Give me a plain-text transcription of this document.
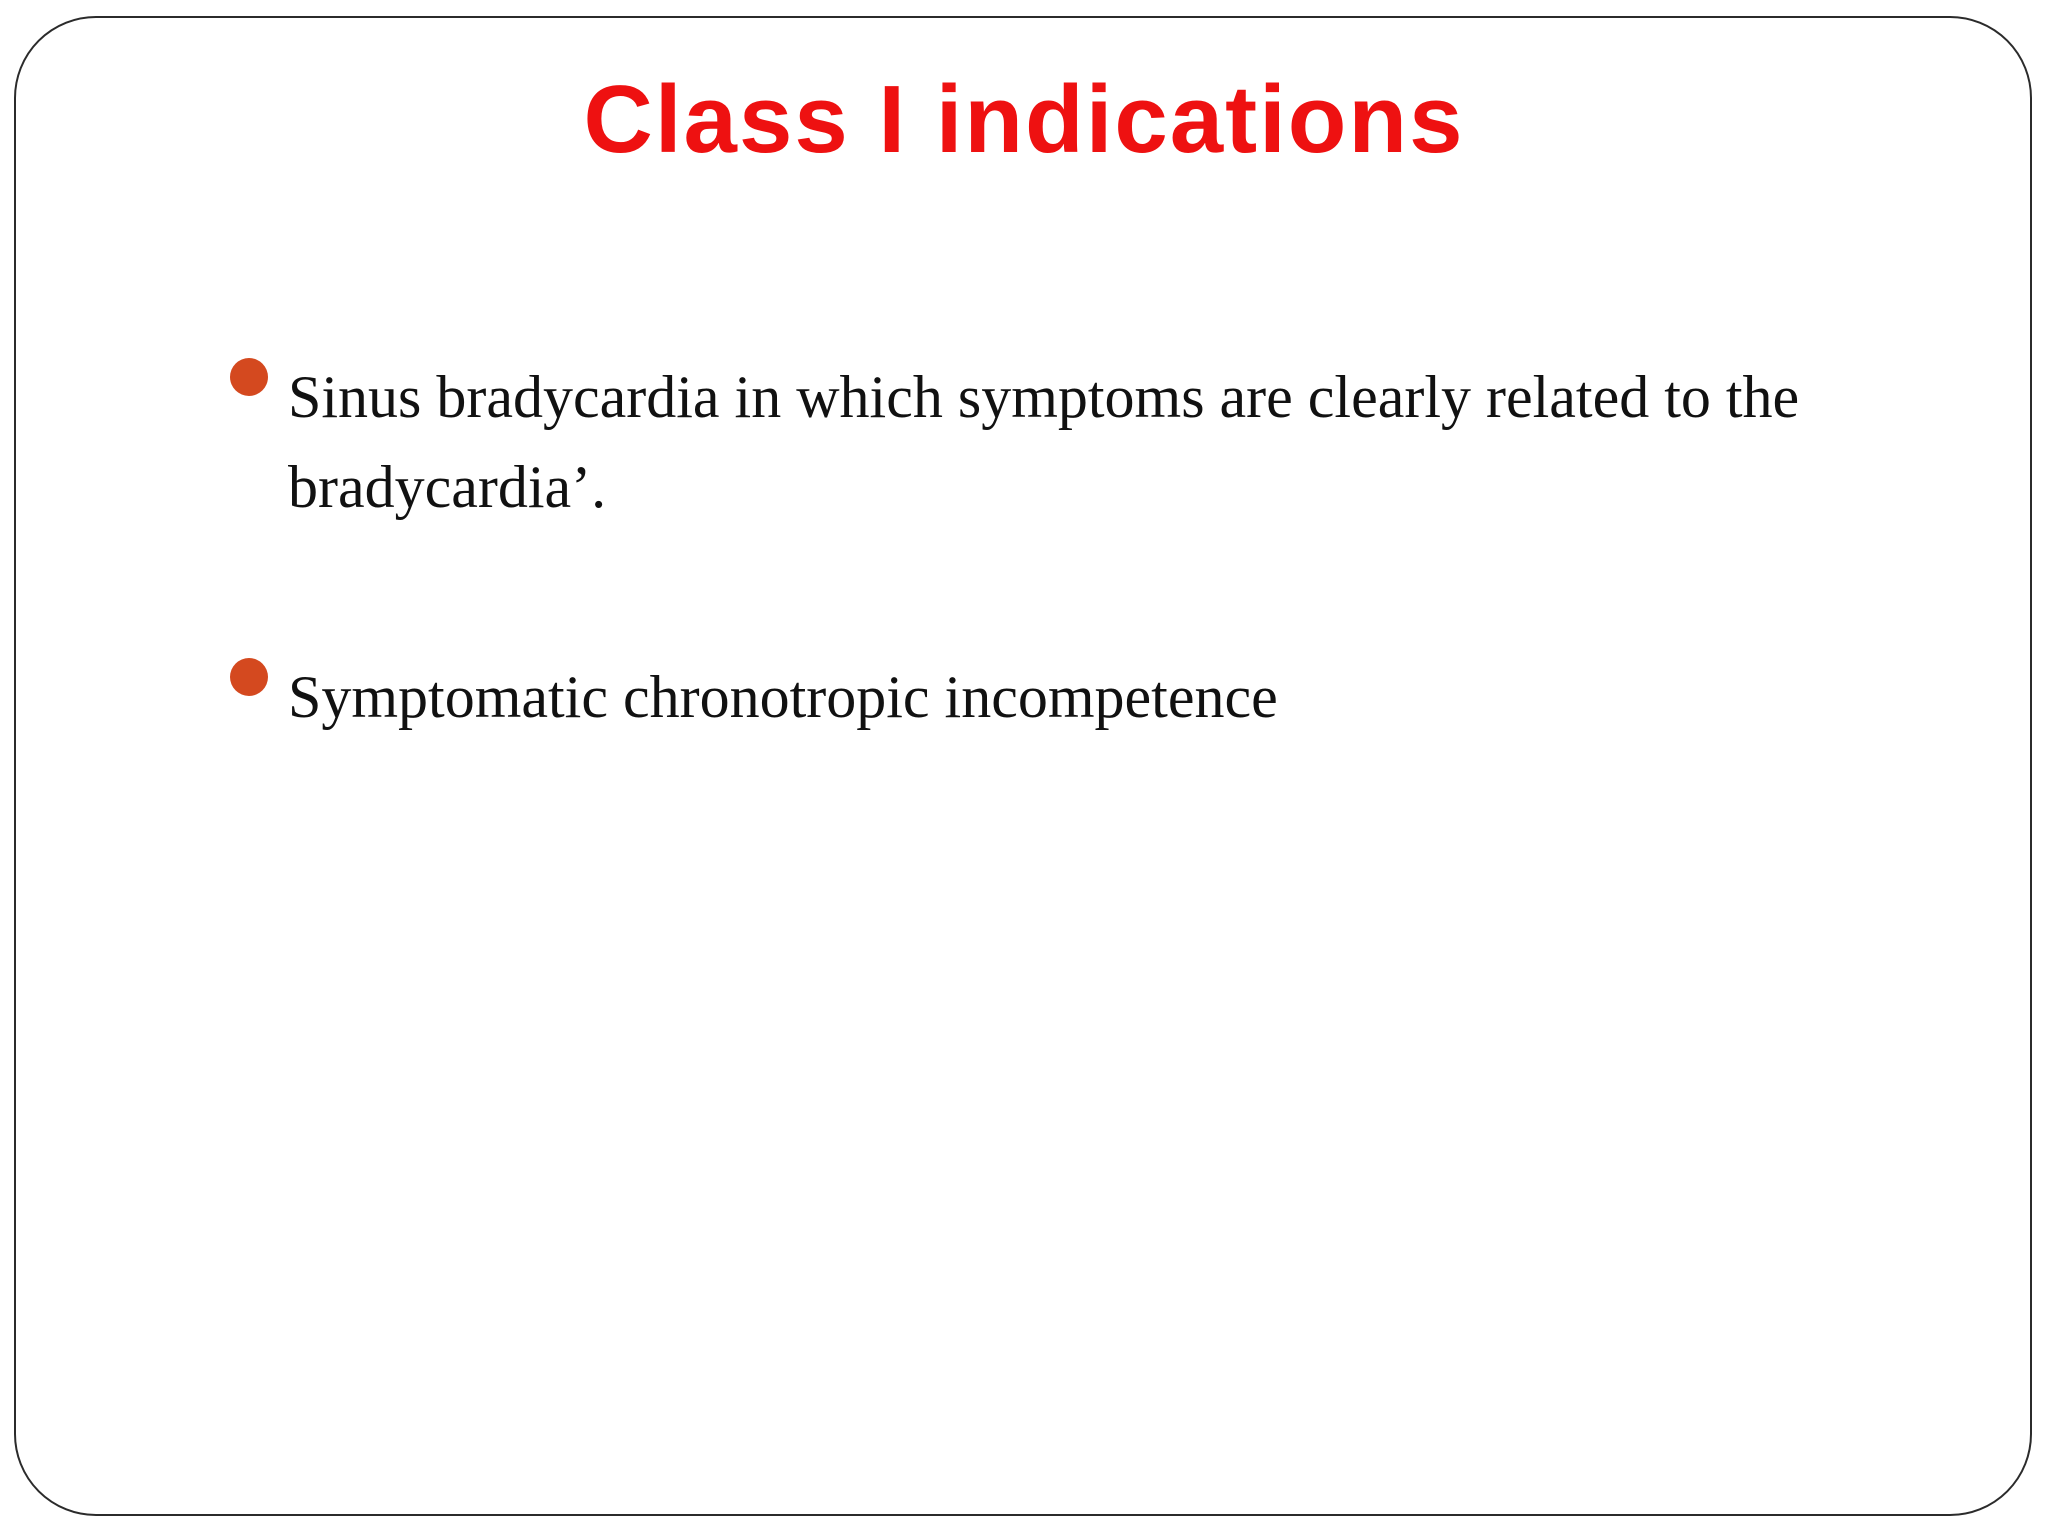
Class I indications
Sinus bradycardia in which symptoms are clearly related to the bradycardia’.
Symptomatic chronotropic incompetence
